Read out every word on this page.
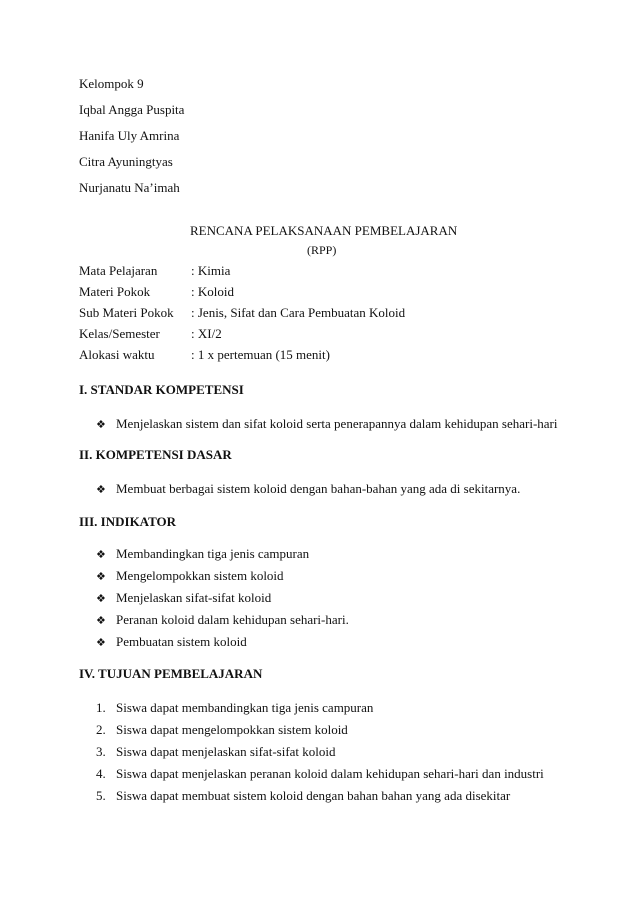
Kelompok 9
Iqbal Angga Puspita
Hanifa Uly Amrina
Citra Ayuningtyas
Nurjanatu Na’imah
RENCANA PELAKSANAAN PEMBELAJARAN
(RPP)
Mata Pelajaran	: Kimia
Materi Pokok	: Koloid
Sub Materi Pokok : Jenis, Sifat dan Cara Pembuatan Koloid
Kelas/Semester : XI/2
Alokasi waktu	: 1 x pertemuan (15 menit)
I. STANDAR KOMPETENSI
❖ Menjelaskan sistem dan sifat koloid serta penerapannya dalam kehidupan sehari-hari
II. KOMPETENSI DASAR
❖ Membuat berbagai sistem koloid dengan bahan-bahan yang ada di sekitarnya.
III. INDIKATOR
❖ Membandingkan tiga jenis campuran
❖ Mengelompokkan sistem koloid
❖ Menjelaskan sifat-sifat koloid
❖ Peranan koloid dalam kehidupan sehari-hari.
❖ Pembuatan sistem koloid
IV. TUJUAN PEMBELAJARAN
1. Siswa dapat membandingkan tiga jenis campuran
2. Siswa dapat mengelompokkan sistem koloid
3. Siswa dapat menjelaskan sifat-sifat koloid
4. Siswa dapat menjelaskan peranan koloid dalam kehidupan sehari-hari dan industri
5. Siswa dapat membuat sistem koloid dengan bahan bahan yang ada disekitar
